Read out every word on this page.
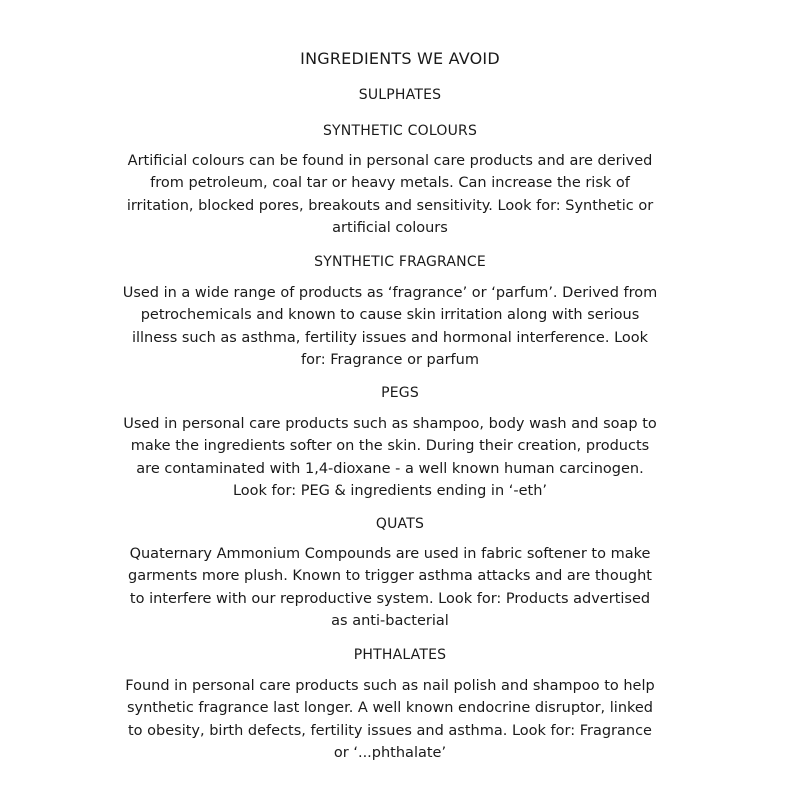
INGREDIENTS WE AVOID
SULPHATES
SYNTHETIC COLOURS
Artificial colours can be found in personal care products and are derived from petroleum, coal tar or heavy metals. Can increase the risk of irritation, blocked pores, breakouts and sensitivity. Look for: Synthetic or artificial colours
SYNTHETIC FRAGRANCE
Used in a wide range of products as ‘fragrance’ or ‘parfum’. Derived from petrochemicals and known to cause skin irritation along with serious illness such as asthma, fertility issues and hormonal interference. Look for: Fragrance or parfum
PEGS
Used in personal care products such as shampoo, body wash and soap to make the ingredients softer on the skin. During their creation, products are contaminated with 1,4-dioxane - a well known human carcinogen. Look for: PEG & ingredients ending in ‘-eth’
QUATS
Quaternary Ammonium Compounds are used in fabric softener to make garments more plush. Known to trigger asthma attacks and are thought to interfere with our reproductive system. Look for: Products advertised as anti-bacterial
PHTHALATES
Found in personal care products such as nail polish and shampoo to help synthetic fragrance last longer. A well known endocrine disruptor, linked to obesity, birth defects, fertility issues and asthma. Look for: Fragrance or ‘...phthalate’
